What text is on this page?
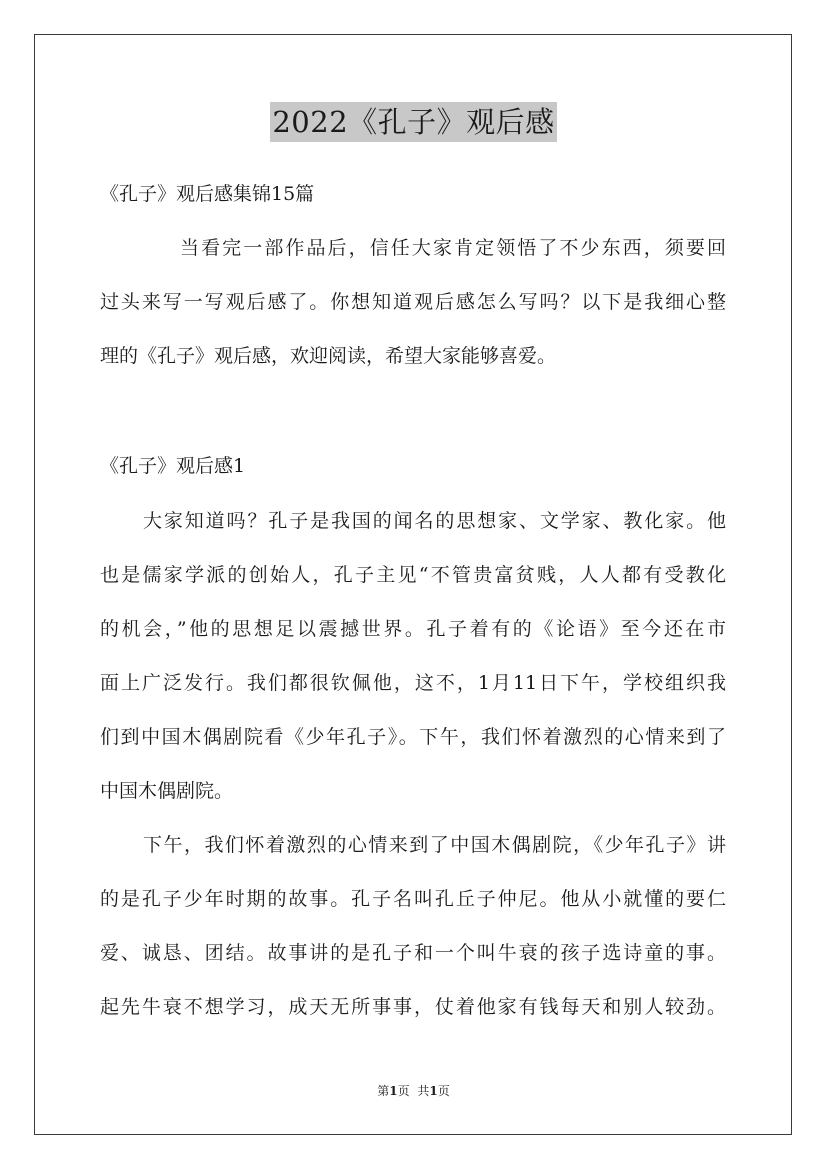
2022《孔子》观后感
《孔子》观后感集锦15篇
当看完一部作品后，信任大家肯定领悟了不少东西，须要回
过头来写一写观后感了。你想知道观后感怎么写吗？以下是我细心整
理的《孔子》观后感，欢迎阅读，希望大家能够喜爱。
《孔子》观后感1
大家知道吗？孔子是我国的闻名的思想家、文学家、教化家。他
也是儒家学派的创始人，孔子主见“不管贵富贫贱，人人都有受教化
的机会，”他的思想足以震撼世界。孔子着有的《论语》至今还在市
面上广泛发行。我们都很钦佩他，这不，1月11日下午，学校组织我
们到中国木偶剧院看《少年孔子》。下午，我们怀着激烈的心情来到了
中国木偶剧院。
下午，我们怀着激烈的心情来到了中国木偶剧院，《少年孔子》讲
的是孔子少年时期的故事。孔子名叫孔丘子仲尼。他从小就懂的要仁
爱、诚恳、团结。故事讲的是孔子和一个叫牛衰的孩子选诗童的事。
起先牛衰不想学习，成天无所事事，仗着他家有钱每天和别人较劲。
第1页 共1页
